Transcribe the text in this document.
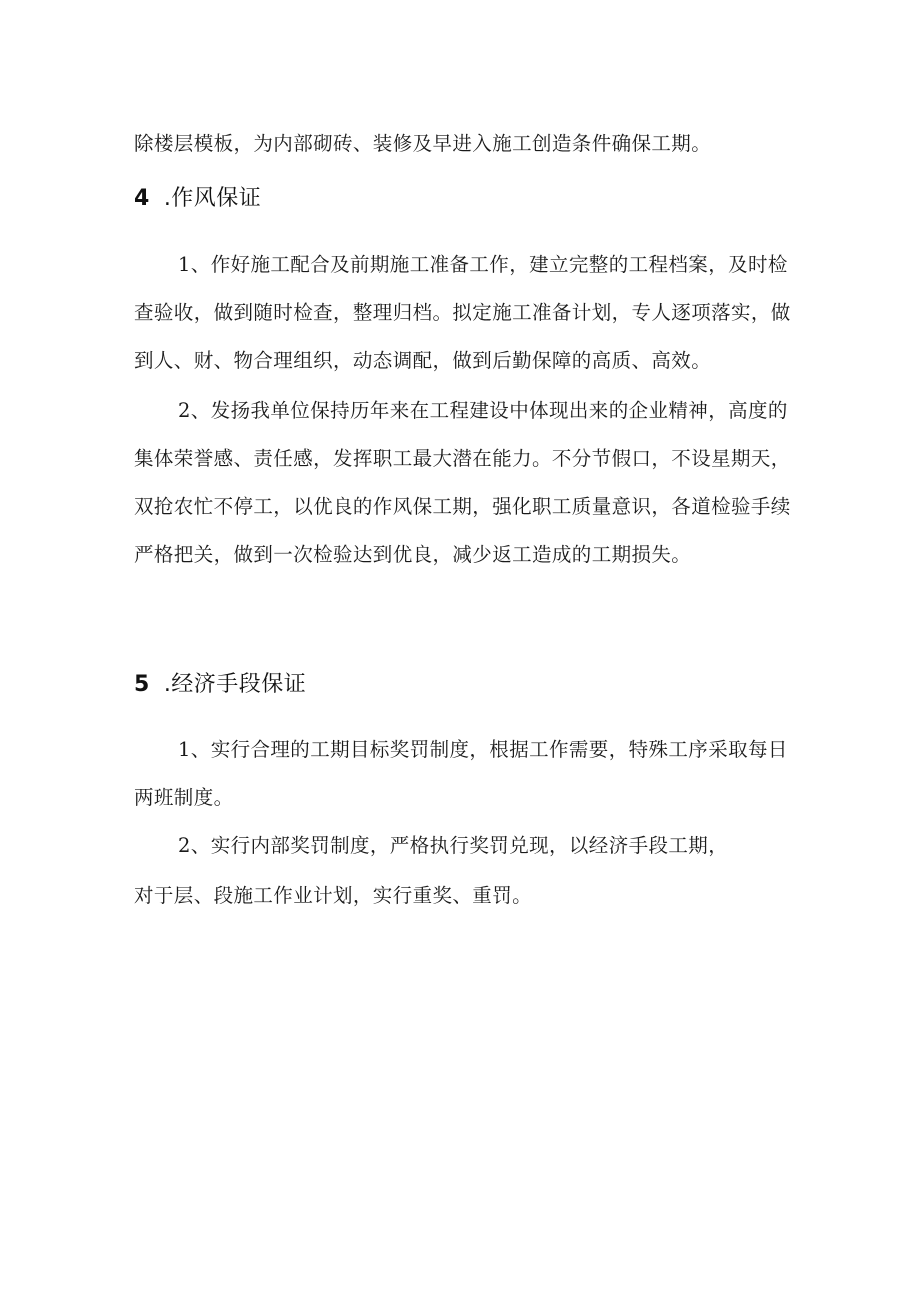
除楼层模板，为内部砌砖、装修及早进入施工创造条件确保工期。
4 .作风保证
1、作好施工配合及前期施工准备工作，建立完整的工程档案，及时检
查验收，做到随时检查，整理归档。拟定施工准备计划，专人逐项落实，做
到人、财、物合理组织，动态调配，做到后勤保障的高质、高效。
2、发扬我单位保持历年来在工程建设中体现出来的企业精神，高度的
集体荣誉感、责任感，发挥职工最大潜在能力。不分节假口，不设星期天，
双抢农忙不停工，以优良的作风保工期，强化职工质量意识，各道检验手续
严格把关，做到一次检验达到优良，减少返工造成的工期损失。
5 .经济手段保证
1、实行合理的工期目标奖罚制度，根据工作需要，特殊工序采取每日
两班制度。
2、实行内部奖罚制度，严格执行奖罚兑现，以经济手段工期，
对于层、段施工作业计划，实行重奖、重罚。
